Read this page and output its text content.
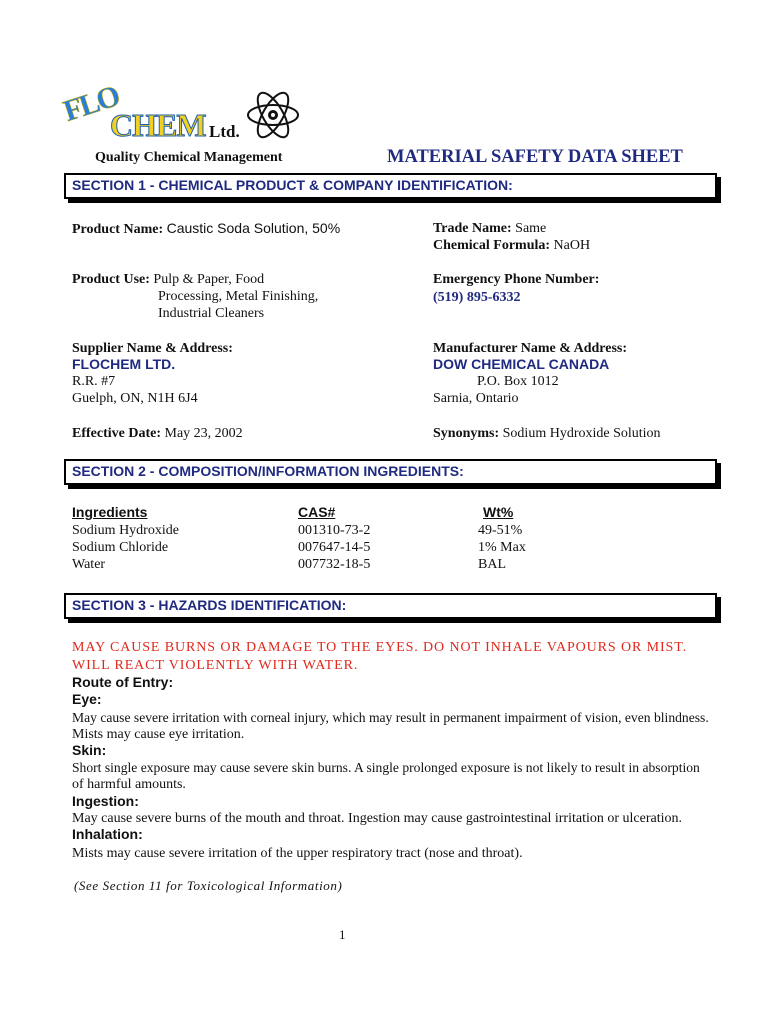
FLO
CHEM Ltd.
Quality Chemical Management	MATERIAL SAFETY DATA SHEET
SECTION 1 - CHEMICAL PRODUCT & COMPANY IDENTIFICATION:
Product Name: Caustic Soda Solution, 50%	Trade Name: Same
Chemical Formula: NaOH
Product Use: Pulp & Paper, Food
Processing, Metal Finishing,
Industrial Cleaners
Emergency Phone Number:
(519) 895-6332
Supplier Name & Address:
FLOCHEM LTD.
R.R. #7
Guelph, ON, N1H 6J4
Manufacturer Name & Address:
DOW CHEMICAL CANADA
P.O. Box 1012
Sarnia, Ontario
Effective Date: May 23, 2002	Synonyms: Sodium Hydroxide Solution
SECTION 2 - COMPOSITION/INFORMATION INGREDIENTS:
Ingredients	CAS#	Wt%
Sodium Hydroxide	001310-73-2	49-51%
Sodium Chloride	007647-14-5	1% Max
Water	007732-18-5	BAL
SECTION 3 - HAZARDS IDENTIFICATION:
MAY CAUSE BURNS OR DAMAGE TO THE EYES. DO NOT INHALE VAPOURS OR MIST.
WILL REACT VIOLENTLY WITH WATER.
Route of Entry:
Eye:
May cause severe irritation with corneal injury, which may result in permanent impairment of vision, even blindness.
Mists may cause eye irritation.
Skin:
Short single exposure may cause severe skin burns. A single prolonged exposure is not likely to result in absorption
of harmful amounts.
Ingestion:
May cause severe burns of the mouth and throat. Ingestion may cause gastrointestinal irritation or ulceration.
Inhalation:
Mists may cause severe irritation of the upper respiratory tract (nose and throat).
(See Section 11 for Toxicological Information)
1
